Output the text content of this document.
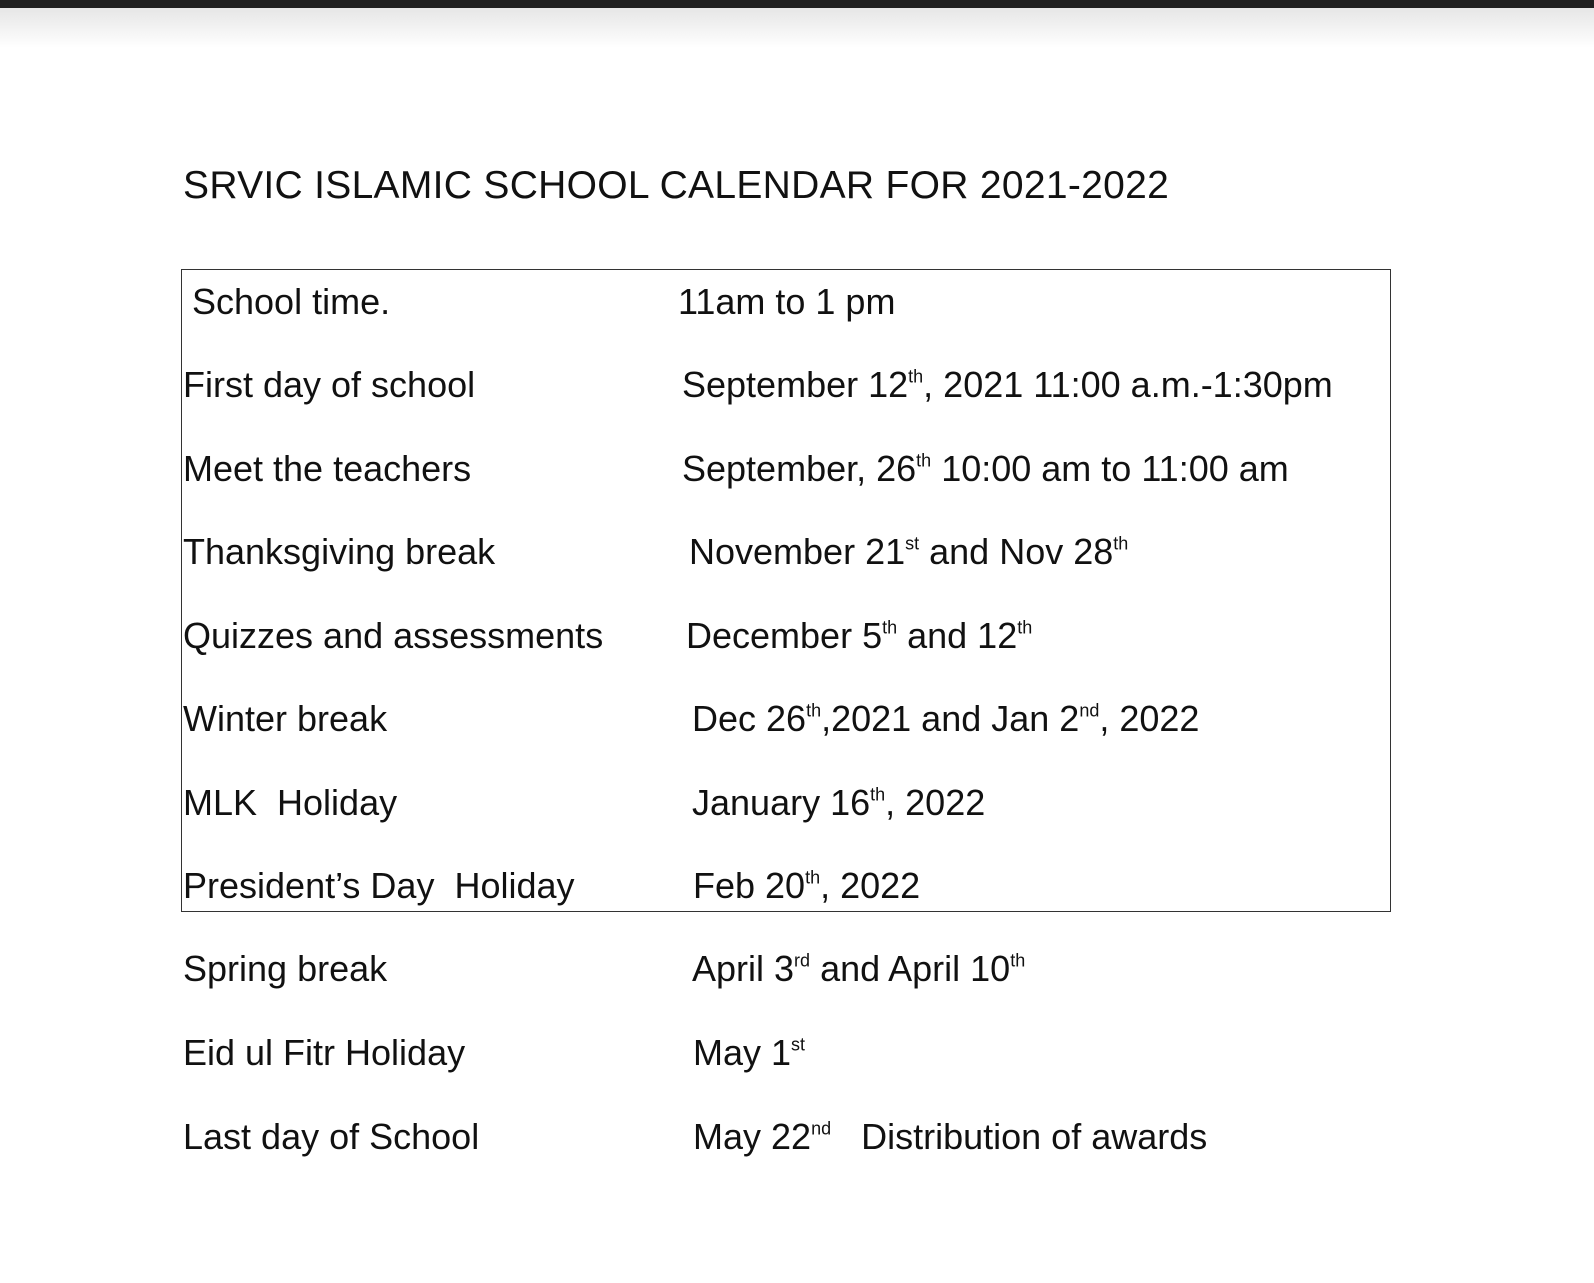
SRVIC ISLAMIC SCHOOL CALENDAR FOR 2021-2022
School time.	11am to 1 pm
First day of school	September 12th, 2021 11:00 a.m.-1:30pm
Meet the teachers	September, 26th 10:00 am to 11:00 am
Thanksgiving break	November 21st and Nov 28th
Quizzes and assessments December 5th and 12th
Winter break	Dec 26th,2021 and Jan 2nd, 2022
MLK  Holiday	January 16th, 2022
President’s Day  Holiday	Feb 20th, 2022
Spring break	April 3rd and April 10th
Eid ul Fitr Holiday	May 1st
Last day of School	May 22nd   Distribution of awards
